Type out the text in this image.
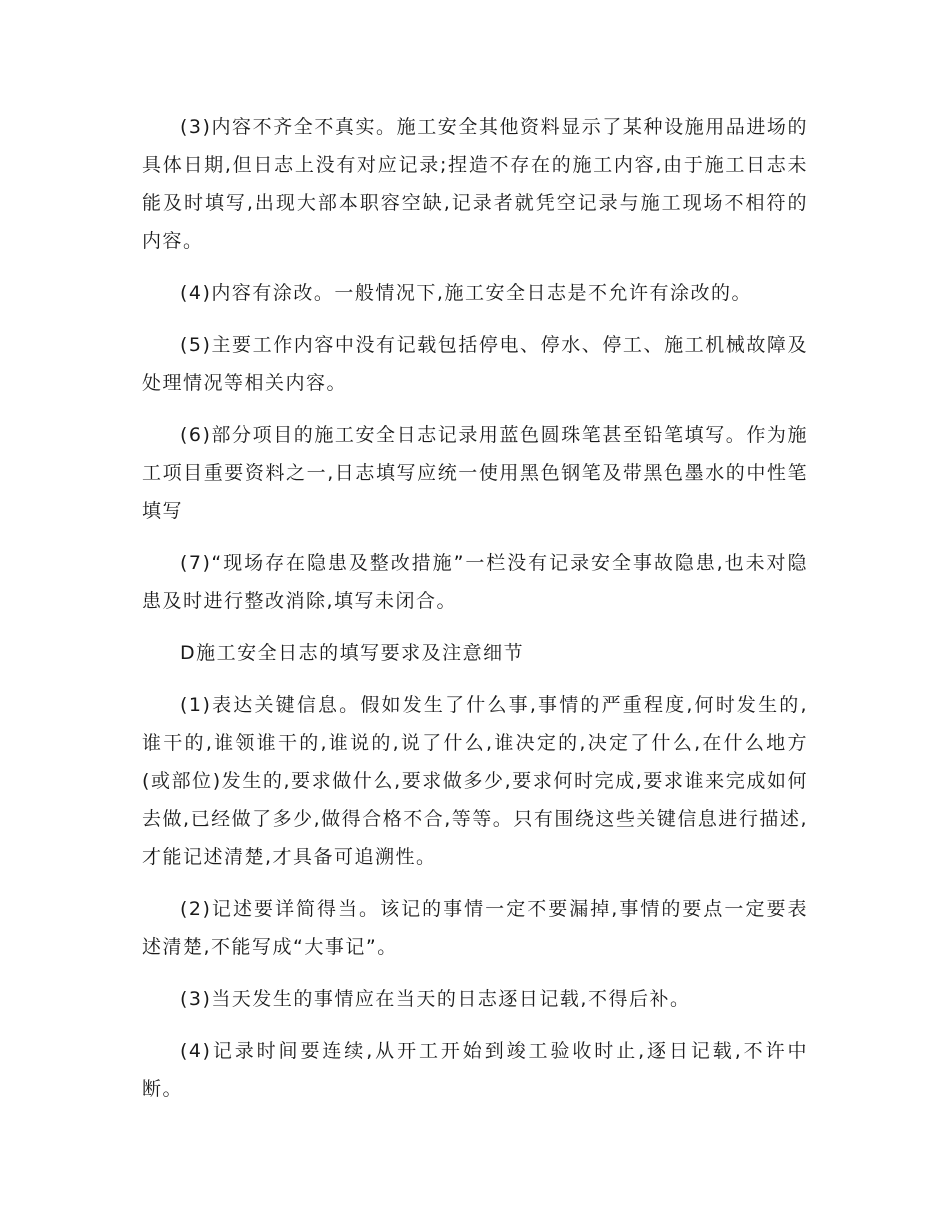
(3)内容不齐全不真实。施工安全其他资料显示了某种设施用品进场的具体日期,但日志上没有对应记录;捏造不存在的施工内容,由于施工日志未能及时填写,出现大部本职容空缺,记录者就凭空记录与施工现场不相符的内容。

(4)内容有涂改。一般情况下,施工安全日志是不允许有涂改的。

(5)主要工作内容中没有记载包括停电、停水、停工、施工机械故障及处理情况等相关内容。

(6)部分项目的施工安全日志记录用蓝色圆珠笔甚至铅笔填写。作为施工项目重要资料之一,日志填写应统一使用黑色钢笔及带黑色墨水的中性笔填写

(7)“现场存在隐患及整改措施”一栏没有记录安全事故隐患,也未对隐患及时进行整改消除,填写未闭合。

D施工安全日志的填写要求及注意细节

(1)表达关键信息。假如发生了什么事,事情的严重程度,何时发生的,谁干的,谁领谁干的,谁说的,说了什么,谁决定的,决定了什么,在什么地方(或部位)发生的,要求做什么,要求做多少,要求何时完成,要求谁来完成如何去做,已经做了多少,做得合格不合,等等。只有围绕这些关键信息进行描述,才能记述清楚,才具备可追溯性。

(2)记述要详简得当。该记的事情一定不要漏掉,事情的要点一定要表述清楚,不能写成“大事记”。

(3)当天发生的事情应在当天的日志逐日记载,不得后补。

(4)记录时间要连续,从开工开始到竣工验收时止,逐日记载,不许中断。
